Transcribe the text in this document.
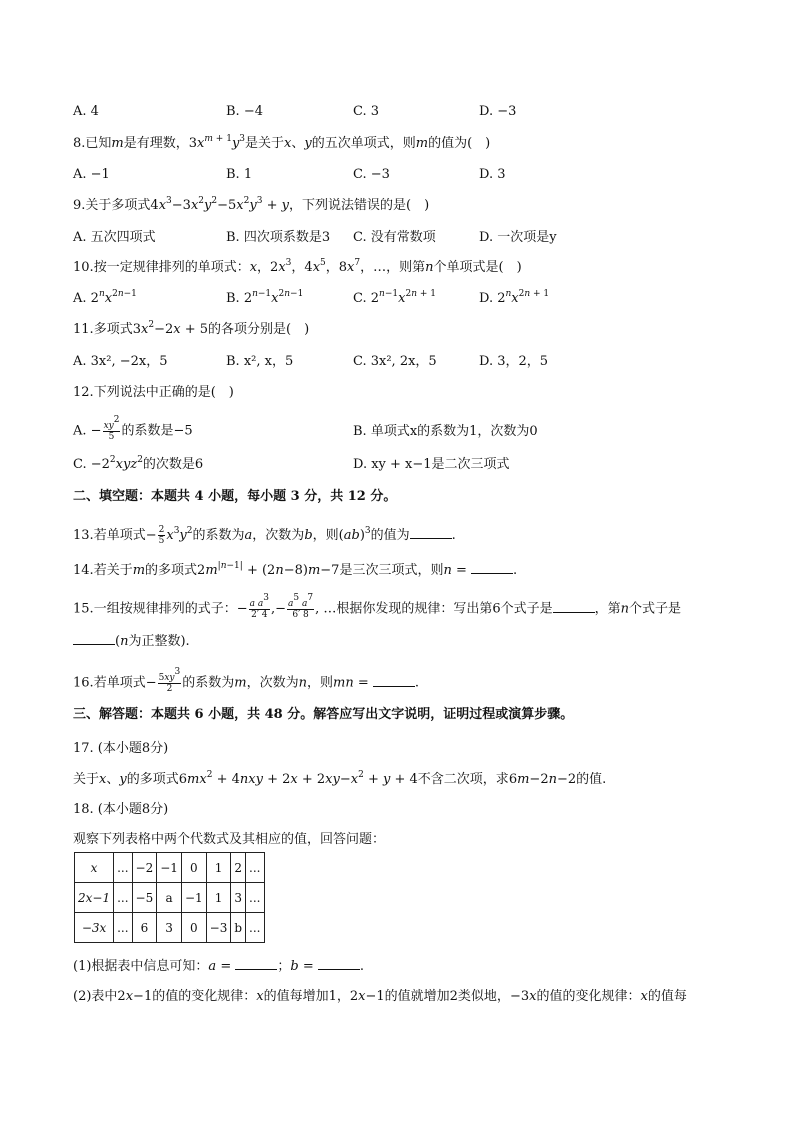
A. 4	B. −4	C. 3	D. −3
8.已知m是有理数，$3x^{m + 1}y^3$是关于x、y的五次单项式，则m的值为(　)
A. −1	B. 1	C. −3	D. 3
9.关于多项式$4x^3-3x^2y^2-5x^2y^3 + y$，下列说法错误的是(　)
A. 五次四项式	B. 四次项系数是3 C. 没有常数项	D. 一次项是y
10.按一定规律排列的单项式：x，$2x^3$，$4x^5$，$8x^7$，…，则第n个单项式是(　)
A. $2^nx^{2n-1}$	B. $2^{n-1}x^{2n-1}$	C. $2^{n-1}x^{2n + 1}$	D. $2^nx^{2n + 1}$
11.多项式$3x^2-2x + 5$的各项分别是(　)
A. 3x², −2x，5	B. x², x，5	C. 3x², 2x，5	D. 3，2，5
12.下列说法中正确的是(　)
A. − $\frac{xy^2}{5}$ 的系数是−5	B. 单项式x的系数为1，次数为0
C. $-2^2xyz^2$的次数是6	D. xy + x−1是二次三项式
二、填空题：本题共 4 小题，每小题 3 分，共 12 分。
13.若单项式− $\frac{2}{5} x^3y^2$的系数为a，次数为b，则(ab)$^3$的值为	.
14.若关于m的多项式$2m^{|n-1|} + (2n-8)m-7$是三次三项式，则n =	.
15.一组按规律排列的式子：− $\frac{a a^3}{2' 4}$ ,− $\frac{a^5 a^7}{6' 8}$ , …根据你发现的规律：写出第6个式子是	，第n个式子是
(n为正整数).
16.若单项式− $\frac{5xy^3}{2}$ 的系数为m，次数为n，则mn =	.
三、解答题：本题共 6 小题，共 48 分。解答应写出文字说明，证明过程或演算步骤。
17. (本小题8分)
关于x、y的多项式$6mx^2 + 4nxy + 2x + 2xy-x^2 + y + 4$不含二次项，求6m−2n−2的值.
18. (本小题8分)
观察下列表格中两个代数式及其相应的值，回答问题：
x	...	−2	−1	0	1	2	...
2x−1	...	−5	a	−1	1	3	...
−3x	...	6	3	0	−3	b	...
(1)根据表中信息可知：a =	；b =	.
(2)表中2x−1的值的变化规律：x的值每增加1，2x−1的值就增加2类似地，−3x的值的变化规律：x的值每
